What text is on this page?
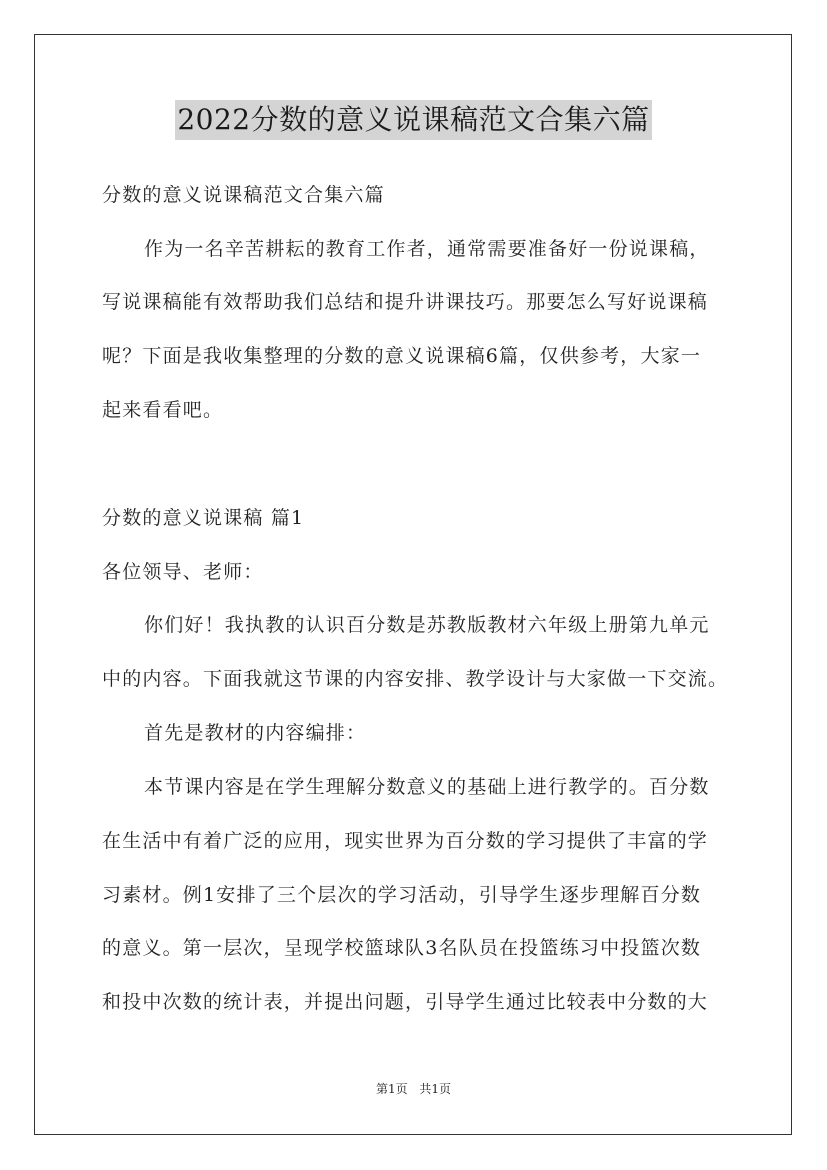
2022分数的意义说课稿范文合集六篇
分数的意义说课稿范文合集六篇
作为一名辛苦耕耘的教育工作者，通常需要准备好一份说课稿，
写说课稿能有效帮助我们总结和提升讲课技巧。那要怎么写好说课稿
呢？下面是我收集整理的分数的意义说课稿6篇，仅供参考，大家一
起来看看吧。
分数的意义说课稿 篇1
各位领导、老师：
你们好！我执教的认识百分数是苏教版教材六年级上册第九单元
中的内容。下面我就这节课的内容安排、教学设计与大家做一下交流。
首先是教材的内容编排：
本节课内容是在学生理解分数意义的基础上进行教学的。百分数
在生活中有着广泛的应用，现实世界为百分数的学习提供了丰富的学
习素材。例1安排了三个层次的学习活动，引导学生逐步理解百分数
的意义。第一层次，呈现学校篮球队3名队员在投篮练习中投篮次数
和投中次数的统计表，并提出问题，引导学生通过比较表中分数的大
第1页 共1页
